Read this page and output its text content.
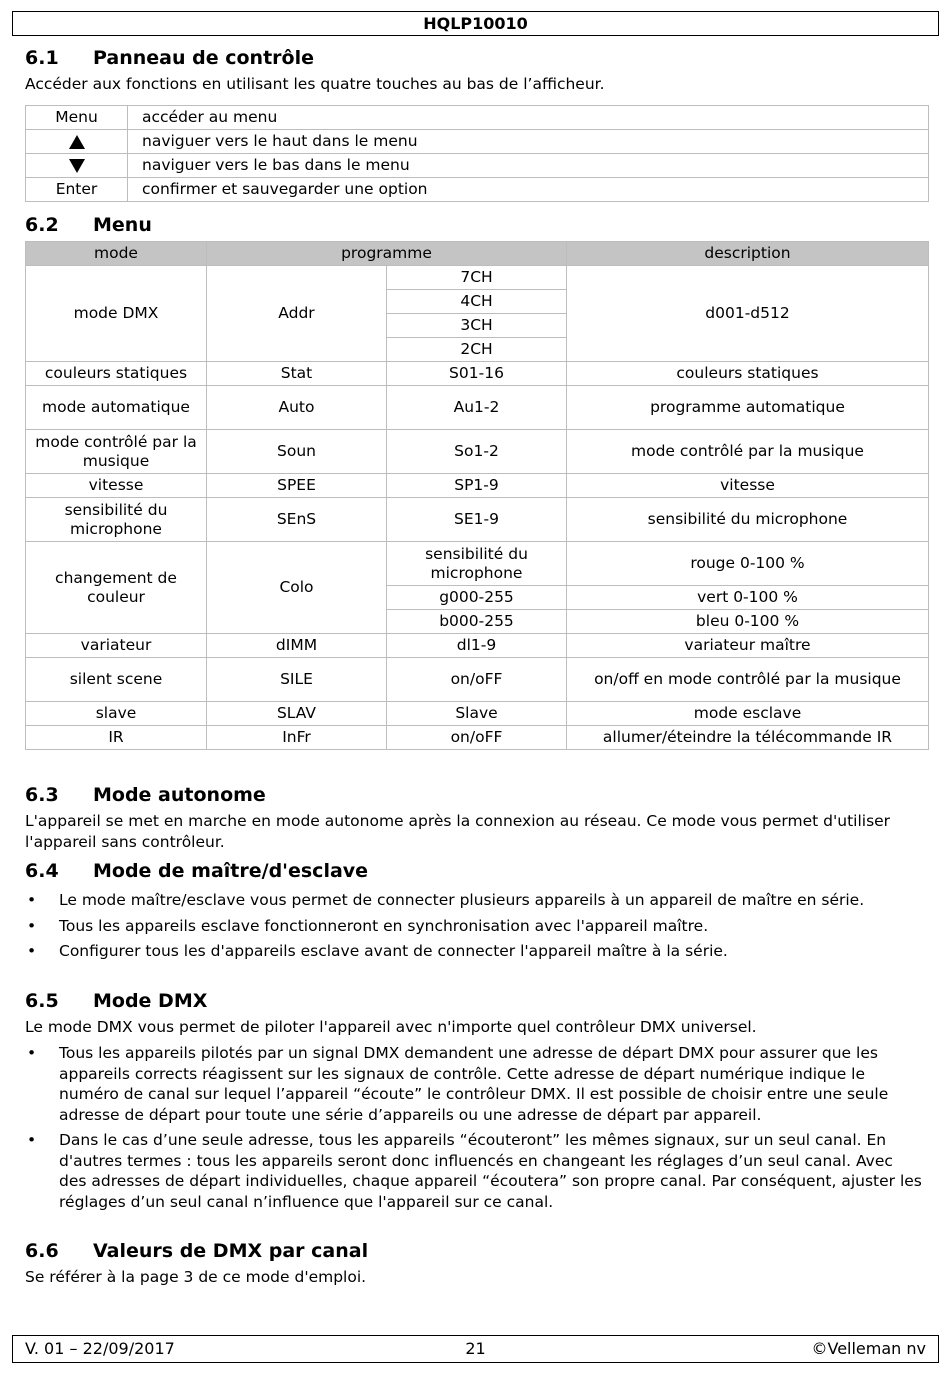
HQLP10010
6.1 Panneau de contrôle

Accéder aux fonctions en utilisant les quatre touches au bas de l’afficheur.

Menu	accéder au menu
	naviguer vers le haut dans le menu
	naviguer vers le bas dans le menu
Enter	confirmer et sauvegarder une option
6.2 Menu
mode	programme		description
mode DMX	Addr	7CH	d001-d512
		4CH	
		3CH	
		2CH	
couleurs statiques	Stat	S01-16	couleurs statiques
mode automatique	Auto	Au1-2	programme automatique
mode contrôlé par la musique	Soun	So1-2	mode contrôlé par la musique
vitesse	SPEE	SP1-9	vitesse
sensibilité du microphone	SEnS	SE1-9	sensibilité du microphone
changement de couleur	Colo	sensibilité du microphone	rouge 0-100 %
		g000-255	vert 0-100 %
		b000-255	bleu 0-100 %
variateur	dIMM	dl1-9	variateur maître
silent scene	SILE	on/oFF	on/off en mode contrôlé par la musique
slave	SLAV	Slave	mode esclave
IR	InFr	on/oFF	allumer/éteindre la télécommande IR
6.3 Mode autonome

L'appareil se met en marche en mode autonome après la connexion au réseau. Ce mode vous permet d'utiliser l'appareil sans contrôleur.

6.4 Mode de maître/d'esclave
• Le mode maître/esclave vous permet de connecter plusieurs appareils à un appareil de maître en série.
• Tous les appareils esclave fonctionneront en synchronisation avec l'appareil maître.
• Configurer tous les d'appareils esclave avant de connecter l'appareil maître à la série.
6.5 Mode DMX

Le mode DMX vous permet de piloter l'appareil avec n'importe quel contrôleur DMX universel.

• Tous les appareils pilotés par un signal DMX demandent une adresse de départ DMX pour assurer que les appareils corrects réagissent sur les signaux de contrôle. Cette adresse de départ numérique indique le numéro de canal sur lequel l’appareil “écoute” le contrôleur DMX. Il est possible de choisir entre une seule adresse de départ pour toute une série d’appareils ou une adresse de départ par appareil.
• Dans le cas d’une seule adresse, tous les appareils “écouteront” les mêmes signaux, sur un seul canal. En d'autres termes : tous les appareils seront donc influencés en changeant les réglages d’un seul canal. Avec des adresses de départ individuelles, chaque appareil “écoutera” son propre canal. Par conséquent, ajuster les réglages d’un seul canal n’influence que l'appareil sur ce canal.
6.6 Valeurs de DMX par canal

Se référer à la page 3 de ce mode d'emploi.

21
V. 01 – 22/09/2017	©Velleman nv
